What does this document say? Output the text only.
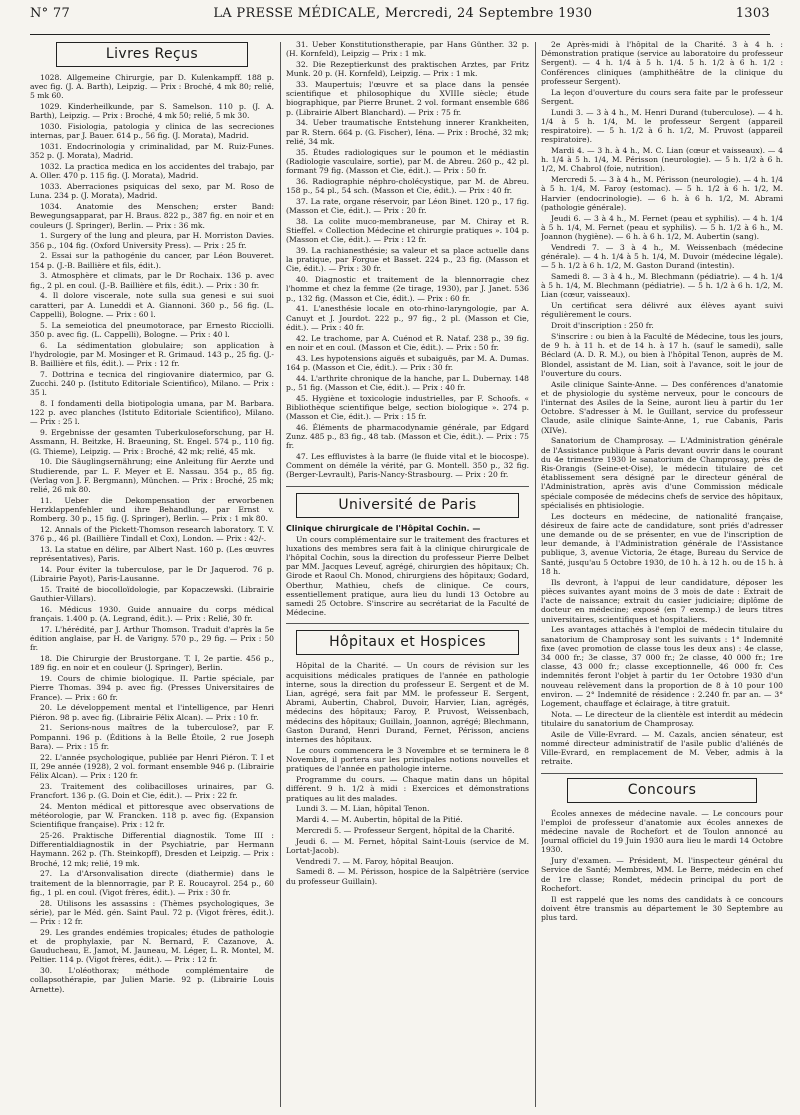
N° 77	LA PRESSE MÉDICALE, Mercredi, 24 Septembre 1930	1303
Livres Reçus

1028. Allgemeine Chirurgie, par D. Kulenkampff. 188 p. avec fig. (J. A. Barth), Leipzig. — Prix : Broché, 4 mk 80; relié, 5 mk 60.

1029. Kinderheilkunde, par S. Samelson. 110 p. (J. A. Barth), Leipzig. — Prix : Broché, 4 mk 50; relié, 5 mk 30.

1030. Fisiologia, patologia y clinica de las secreciones internas, par J. Bauer. 614 p., 56 fig. (J. Morata), Madrid.

1031. Endocrinologia y criminalidad, par M. Ruiz-Funes. 352 p. (J. Morata), Madrid.

1032. La practica medica en los accidentes del trabajo, par A. Oller. 470 p. 115 fig. (J. Morata), Madrid.

1033. Aberraciones psiquicas del sexo, par M. Roso de Luna. 234 p. (J. Morata), Madrid.

1034. Anatomie des Menschen; erster Band: Bewegungsapparat, par H. Braus. 822 p., 387 fig. en noir et en couleurs (J. Springer), Berlin. — Prix : 36 mk.

1. Surgery of the lung and pleura, par H. Morriston Davies. 356 p., 104 fig. (Oxford University Press). — Prix : 25 fr.

2. Essai sur la pathogénie du cancer, par Léon Bouveret. 154 p. (J.-B. Baillière et fils, édit.).

3. Atmosphère et climats, par le Dr Rochaix. 136 p. avec fig., 2 pl. en coul. (J.-B. Baillière et fils, édit.). — Prix : 30 fr.

4. Il dolore viscerale, note sulla sua genesi e sui suoi caratteri, par A. Luneddi et A. Giannoni. 360 p., 56 fig. (L. Cappelli), Bologne. — Prix : 60 l.

5. La semeiotica del pneumotorace, par Ernesto Ricciolli. 350 p. avec fig. (L. Cappelli), Bologne. — Prix : 40 l.

6. La sédimentation globulaire; son application à l'hydrologie, par M. Mosinger et R. Grimaud. 143 p., 25 fig. (J.-B. Baillière et fils, édit.). — Prix : 12 fr.

7. Dottrina e tecnica del ringiovanire diatermico, par G. Zucchi. 240 p. (Istituto Editoriale Scientifico), Milano. — Prix : 35 l.

8. I fondamenti della biotipologia umana, par M. Barbara. 122 p. avec planches (Istituto Editoriale Scientifico), Milano. — Prix : 25 l.

9. Ergebnisse der gesamten Tuberkuloseforschung, par H. Assmann, H. Beitzke, H. Braeuning, St. Engel. 574 p., 110 fig. (G. Thieme), Leipzig. — Prix : Broché, 42 mk; relié, 45 mk.

10. Die Säuglingsernährung; eine Anleitung für Aerzte und Studierende, par L. F. Meyer et E. Nassau. 354 p., 85 fig. (Verlag von J. F. Bergmann), München. — Prix : Broché, 25 mk; relié, 26 mk 80.

11. Ueber die Dekompensation der erworbenen Herzklappenfehler und ihre Behandlung, par Ernst v. Romberg. 30 p., 15 fig. (J. Springer), Berlin. — Prix : 1 mk 80.

12. Annals of the Pickett-Thomson research laboratory. T. V. 376 p., 46 pl. (Baillière Tindall et Cox), London. — Prix : 42/-.

13. La statue en délire, par Albert Nast. 160 p. (Les œuvres représentatives), Paris.

14. Pour éviter la tuberculose, par le Dr Jaquerod. 76 p. (Librairie Payot), Paris-Lausanne.

15. Traité de biocolloïdologie, par Kopaczewski. (Librairie Gauthier-Villars).

16. Médicus 1930. Guide annuaire du corps médical français. 1.400 p. (A. Legrand, édit.). — Prix : Relié, 30 fr.

17. L'hérédité, par J. Arthur Thomson. Traduit d'après la 5e édition anglaise, par H. de Varigny. 570 p., 29 fig. — Prix : 50 fr.

18. Die Chirurgie der Brustorgane. T. I, 2e partie. 456 p., 189 fig. en noir et en couleur (J. Springer), Berlin.

19. Cours de chimie biologique. II. Partie spéciale, par Pierre Thomas. 394 p. avec fig. (Presses Universitaires de France). — Prix : 60 fr.

20. Le développement mental et l'intelligence, par Henri Piéron. 98 p. avec fig. (Librairie Félix Alcan). — Prix : 10 fr.

21. Serions-nous maîtres de la tuberculose?, par F. Pompanni. 196 p. (Éditions à la Belle Étoile, 2 rue Joseph Bara). — Prix : 15 fr.

22. L'année psychologique, publiée par Henri Piéron. T. I et II, 29e année (1928), 2 vol. formant ensemble 946 p. (Librairie Félix Alcan). — Prix : 120 fr.

23. Traitement des colibacilloses urinaires, par G. Francfort. 136 p. (G. Doin et Cie, édit.). — Prix : 22 fr.

24. Menton médical et pittoresque avec observations de météorologie, par W. Francken. 118 p. avec fig. (Expansion Scientifique française). Prix : 12 fr.

25-26. Praktische Differential diagnostik. Tome III : Differentialdiagnostik in der Psychiatrie, par Hermann Haymann. 262 p. (Th. Steinkopff), Dresden et Leipzig. — Prix : Broché, 12 mk; relié, 19 mk.

27. La d'Arsonvalisation directe (diathermie) dans le traitement de la blennorragie, par P. E. Roucayrol. 254 p., 60 fig., 1 pl. en coul. (Vigot frères, édit.). — Prix : 30 fr.

28. Utilisons les assassins : (Thèmes psychologiques, 3e série), par le Méd. gén. Saint Paul. 72 p. (Vigot frères, édit.). — Prix : 12 fr.

29. Les grandes endémies tropicales; études de pathologie et de prophylaxie, par N. Bernard, F. Cazanove, A. Gauducheau, E. Jamot, M. Jauneau, M. Léger, L. R. Montel, M. Peltier. 114 p. (Vigot frères, édit.). — Prix : 12 fr.

30. L'oléothorax; méthode complémentaire de collapsothérapie, par Julien Marie. 92 p. (Librairie Louis Arnette).

31. Ueber Konstitutionstherapie, par Hans Günther. 32 p. (H. Kornfeld), Leipzig — Prix : 1 mk.

32. Die Rezeptierkunst des praktischen Arztes, par Fritz Munk. 20 p. (H. Kornfeld), Leipzig. — Prix : 1 mk.

33. Maupertuis; l'œuvre et sa place dans la pensée scientifique et philosophique du XVIIIe siècle; étude biographique, par Pierre Brunet. 2 vol. formant ensemble 686 p. (Librairie Albert Blanchard). — Prix : 75 fr.

34. Ueber traumatische Entstehung innerer Krankheiten, par R. Stern. 664 p. (G. Fischer), Iéna. — Prix : Broché, 32 mk; relié, 34 mk.

35. Études radiologiques sur le poumon et le médiastin (Radiologie vasculaire, sortie), par M. de Abreu. 260 p., 42 pl. formant 79 fig. (Masson et Cie, édit.). — Prix : 50 fr.

36. Radiographie néphro-cholécystique, par M. de Abreu. 158 p., 54 pl., 54 sch. (Masson et Cie, édit.). — Prix : 40 fr.

37. La rate, organe réservoir, par Léon Binet. 120 p., 17 fig. (Masson et Cie, édit.). — Prix : 20 fr.

38. La colite muco-membraneuse, par M. Chiray et R. Stieffel. « Collection Médecine et chirurgie pratiques ». 104 p. (Masson et Cie, édit.). — Prix : 12 fr.

39. La rachianesthésie; sa valeur et sa place actuelle dans la pratique, par Forgue et Basset. 224 p., 23 fig. (Masson et Cie, édit.). — Prix : 30 fr.

40. Diagnostic et traitement de la blennorragie chez l'homme et chez la femme (2e tirage, 1930), par J. Janet. 536 p., 132 fig. (Masson et Cie, édit.). — Prix : 60 fr.

41. L'anesthésie locale en oto-rhino-laryngologie, par A. Canuyt et J. Jourdot. 222 p., 97 fig., 2 pl. (Masson et Cie, édit.). — Prix : 40 fr.

42. Le trachome, par A. Cuénod et R. Nataf. 238 p., 39 fig. en noir et en coul. (Masson et Cie, édit.). — Prix : 50 fr.

43. Les hypotensions aiguës et subaiguës, par M. A. Dumas. 164 p. (Masson et Cie, édit.). — Prix : 30 fr.

44. L'arthrite chronique de la hanche, par L. Dubernay. 148 p., 51 fig. (Masson et Cie, édit.). — Prix : 40 fr.

45. Hygiène et toxicologie industrielles, par F. Schoofs. « Bibliothèque scientifique belge, section biologique ». 274 p. (Masson et Cie, édit.). — Prix : 15 fr.

46. Éléments de pharmacodynamie générale, par Edgard Zunz. 485 p., 83 fig., 48 tab. (Masson et Cie, édit.). — Prix : 75 fr.

47. Les effluvistes à la barre (le fluide vital et le biocospe). Comment on déméle la vérité, par G. Montell. 350 p., 32 fig. (Berger-Levrault), Paris-Nancy-Strasbourg. — Prix : 20 fr.

Université de Paris
Clinique chirurgicale de l'Hôpital Cochin. —

Un cours complémentaire sur le traitement des fractures et luxations des membres sera fait à la clinique chirurgicale de l'hôpital Cochin, sous la direction du professeur Pierre Delbet par MM. Jacques Leveuf, agrégé, chirurgien des hôpitaux; Ch. Girode et Raoul Ch. Monod, chirurgiens des hôpitaux; Godard, Oberthur, Mathieu, chefs de clinique. Ce cours, essentiellement pratique, aura lieu du lundi 13 Octobre au samedi 25 Octobre. S'inscrire au secrétariat de la Faculté de Médecine.

Hôpitaux et Hospices

Hôpital de la Charité. — Un cours de révision sur les acquisitions médicales pratiques de l'année en pathologie interne, sous la direction du professeur E. Sergent et de M. Lian, agrégé, sera fait par MM. le professeur E. Sergent, Abrami, Aubertin, Chabrol, Duvoir, Harvier, Lian, agrégés, médecins des hôpitaux; Faroy, P. Pruvost, Weissenbach, médecins des hôpitaux; Guillain, Joannon, agrégé; Blechmann, Gaston Durand, Henri Durand, Fernet, Périsson, anciens internes des hôpitaux.

Le cours commencera le 3 Novembre et se terminera le 8 Novembre, il portera sur les principales notions nouvelles et pratiques de l'année en pathologie interne.

Programme du cours. — Chaque matin dans un hôpital différent. 9 h. 1/2 à midi : Exercices et démonstrations pratiques au lit des malades.

Lundi 3. — M. Lian, hôpital Tenon.

Mardi 4. — M. Aubertin, hôpital de la Pitié.

Mercredi 5. — Professeur Sergent, hôpital de la Charité.

Jeudi 6. — M. Fernet, hôpital Saint-Louis (service de M. Lortat-Jacob).

Vendredi 7. — M. Faroy, hôpital Beaujon.

Samedi 8. — M. Périsson, hospice de la Salpêtrière (service du professeur Guillain).

2e Après-midi à l'hôpital de la Charité. 3 à 4 h. : Démonstration pratique (service au laboratoire du professeur Sergent). — 4 h. 1/4 à 5 h. 1/4. 5 h. 1/2 à 6 h. 1/2 : Conférences cliniques (amphithéâtre de la clinique du professeur Sergent).

La leçon d'ouverture du cours sera faite par le professeur Sergent.

Lundi 3. — 3 à 4 h., M. Henri Durand (tuberculose). — 4 h. 1/4 à 5 h. 1/4, M. le professeur Sergent (appareil respiratoire). — 5 h. 1/2 à 6 h. 1/2, M. Pruvost (appareil respiratoire).

Mardi 4. — 3 h. à 4 h., M. C. Lian (cœur et vaisseaux). — 4 h. 1/4 à 5 h. 1/4, M. Périsson (neurologie). — 5 h. 1/2 à 6 h. 1/2, M. Chabrol (foie, nutrition).

Mercredi 5. — 3 à 4 h., M. Périsson (neurologie). — 4 h. 1/4 à 5 h. 1/4, M. Faroy (estomac). — 5 h. 1/2 à 6 h. 1/2, M. Harvier (endocrinologie). — 6 h. à 6 h. 1/2, M. Abrami (pathologie générale).

Jeudi 6. — 3 à 4 h., M. Fernet (peau et syphilis). — 4 h. 1/4 à 5 h. 1/4, M. Fernet (peau et syphilis). — 5 h. 1/2 à 6 h., M. Joannon (hygiène). — 6 h. à 6 h. 1/2, M. Aubertin (sang).

Vendredi 7. — 3 à 4 h., M. Weissenbach (médecine générale). — 4 h. 1/4 à 5 h. 1/4, M. Duvoir (médecine légale). — 5 h. 1/2 à 6 h. 1/2, M. Gaston Durand (intestin).

Samedi 8. — 3 à 4 h., M. Blechmann (pédiatrie). — 4 h. 1/4 à 5 h. 1/4, M. Blechmann (pédiatrie). — 5 h. 1/2 à 6 h. 1/2, M. Lian (cœur, vaisseaux).

Un certificat sera délivré aux élèves ayant suivi régulièrement le cours.

Droit d'inscription : 250 fr.

S'inscrire : ou bien à la Faculté de Médecine, tous les jours, de 9 h. à 11 h. et de 14 h. à 17 h. (sauf le samedi), salle Béclard (A. D. R. M.), ou bien à l'hôpital Tenon, auprès de M. Blondel, assistant de M. Lian, soit à l'avance, soit le jour de l'ouverture du cours.

Asile clinique Sainte-Anne. — Des conférences d'anatomie et de physiologie du système nerveux, pour le concours de l'internat des Asiles de la Seine, auront lieu à partir du 1er Octobre. S'adresser à M. le Guillant, service du professeur Claude, asile clinique Sainte-Anne, 1, rue Cabanis, Paris (XIVe).

Sanatorium de Champrosay. — L'Administration générale de l'Assistance publique à Paris devant ouvrir dans le courant du 4e trimestre 1930 le sanatorium de Champrosay, près de Ris-Orangis (Seine-et-Oise), le médecin titulaire de cet établissement sera désigné par le directeur général de l'Administration, après avis d'une Commission médicale spéciale composée de médecins chefs de service des hôpitaux, spécialisés en phtisiologie.

Les docteurs en médecine, de nationalité française, désireux de faire acte de candidature, sont priés d'adresser une demande ou de se présenter, en vue de l'inscription de leur demande, à l'Administration générale de l'Assistance publique, 3, avenue Victoria, 2e étage, Bureau du Service de Santé, jusqu'au 5 Octobre 1930, de 10 h. à 12 h. ou de 15 h. à 18 h.

Ils devront, à l'appui de leur candidature, déposer les pièces suivantes ayant moins de 3 mois de date : Extrait de l'acte de naissance; extrait du casier judiciaire; diplôme de docteur en médecine; exposé (en 7 exemp.) de leurs titres universitaires, scientifiques et hospitaliers.

Les avantages attachés à l'emploi de médecin titulaire du sanatorium de Champrosay sont les suivants : 1° Indemnité fixe (avec promotion de classe tous les deux ans) : 4e classe, 34 000 fr.; 3e classe, 37 000 fr.; 2e classe, 40 000 fr.; 1re classe, 43 000 fr.; classe exceptionnelle, 46 000 fr. Ces indemnités feront l'objet à partir du 1er Octobre 1930 d'un nouveau relèvement dans la proportion de 8 à 10 pour 100 environ. — 2° Indemnité de résidence : 2.240 fr. par an. — 3° Logement, chauffage et éclairage, à titre gratuit.

Nota. — Le directeur de la clientèle est interdit au médecin titulaire du sanatorium de Champrosay.

Asile de Ville-Evrard. — M. Cazals, ancien sénateur, est nommé directeur administratif de l'asile public d'aliénés de Ville-Evrard, en remplacement de M. Veber, admis à la retraite.

Concours

Écoles annexes de médecine navale. — Le concours pour l'emploi de professeur d'anatomie aux écoles annexes de médecine navale de Rochefort et de Toulon annoncé au Journal officiel du 19 Juin 1930 aura lieu le mardi 14 Octobre 1930.

Jury d'examen. — Président, M. l'inspecteur général du Service de Santé; Membres, MM. Le Berre, médecin en chef de 1re classe; Rondet, médecin principal du port de Rochefort.

Il est rappelé que les noms des candidats à ce concours doivent être transmis au département le 30 Septembre au plus tard.
